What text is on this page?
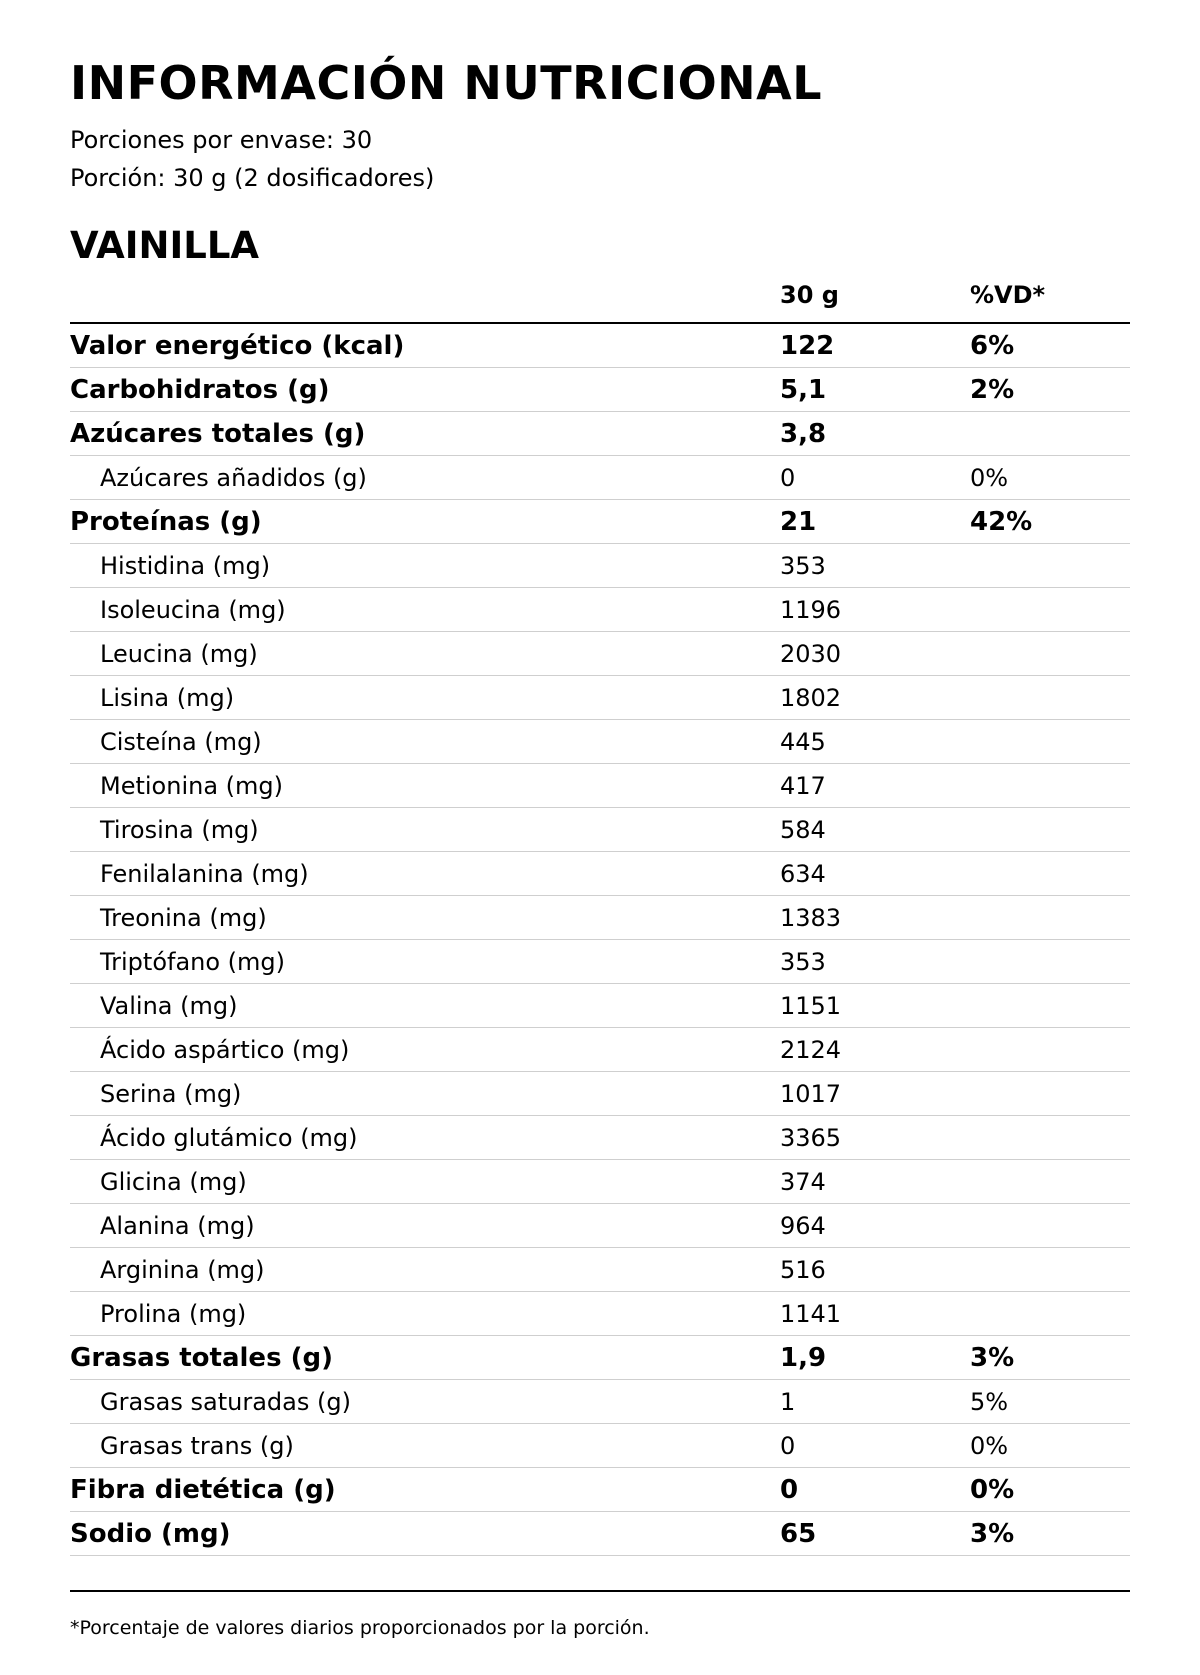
INFORMACIÓN NUTRICIONAL
Porciones por envase: 30
Porción: 30 g (2 dosificadores)
VAINILLA
30 g	%VD*
Valor energético (kcal)	122	6%
Carbohidratos (g)	5,1	2%
Azúcares totales (g)	3,8
Azúcares añadidos (g)	0	0%
Proteínas (g)	21	42%
Histidina (mg)	353
Isoleucina (mg)	1196
Leucina (mg)	2030
Lisina (mg)	1802
Cisteína (mg)	445
Metionina (mg)	417
Tirosina (mg)	584
Fenilalanina (mg)	634
Treonina (mg)	1383
Triptófano (mg)	353
Valina (mg)	1151
Ácido aspártico (mg)	2124
Serina (mg)	1017
Ácido glutámico (mg)	3365
Glicina (mg)	374
Alanina (mg)	964
Arginina (mg)	516
Prolina (mg)	1141
Grasas totales (g)	1,9	3%
Grasas saturadas (g)	1	5%
Grasas trans (g)	0	0%
Fibra dietética (g)	0	0%
Sodio (mg)	65	3%
*Porcentaje de valores diarios proporcionados por la porción.
